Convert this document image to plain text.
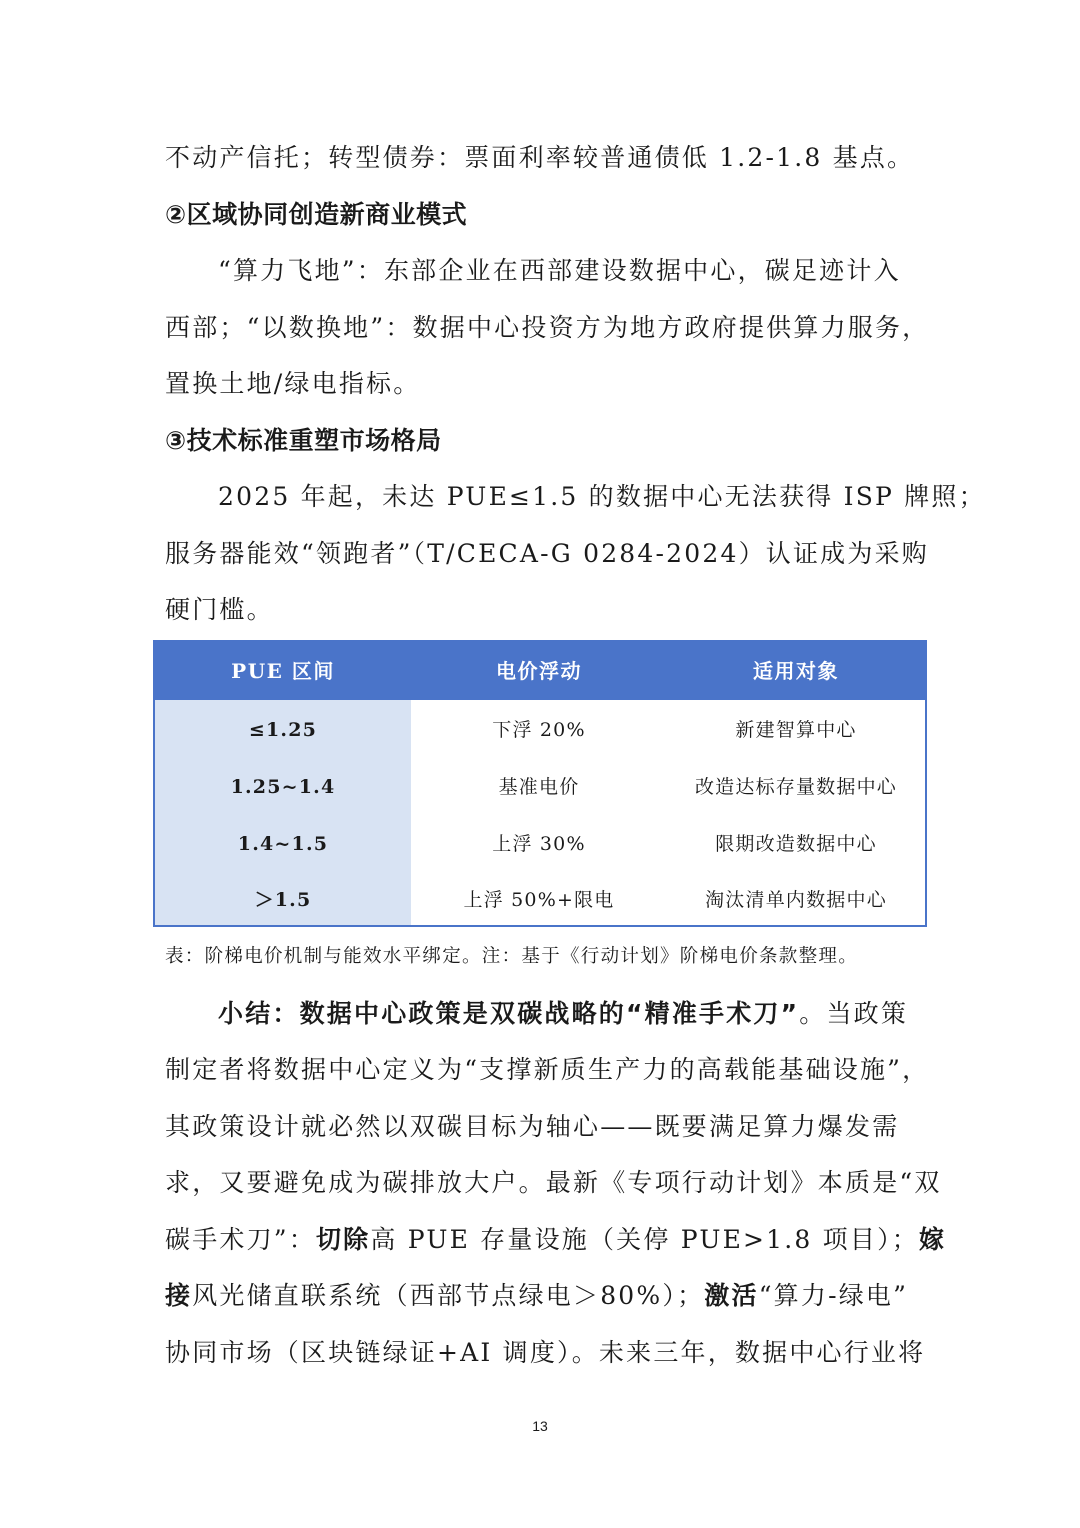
不动产信托；转型债券：票面利率较普通债低 1.2-1.8 基点。
②区域协同创造新商业模式
“算力飞地”：东部企业在西部建设数据中心，碳足迹计入
西部；“以数换地”：数据中心投资方为地方政府提供算力服务，
置换土地/绿电指标。
③技术标准重塑市场格局
2025 年起，未达 PUE≤1.5 的数据中心无法获得 ISP 牌照；
服务器能效“领跑者”（T/CECA-G 0284-2024）认证成为采购
硬门槛。
PUE 区间	电价浮动	适用对象
≤1.25	下浮 20%	新建智算中心
1.25~1.4	基准电价	改造达标存量数据中心
1.4~1.5	上浮 30%	限期改造数据中心
＞1.5	上浮 50%+限电	淘汰清单内数据中心
表：阶梯电价机制与能效水平绑定。注：基于《行动计划》阶梯电价条款整理。
小结：数据中心政策是双碳战略的“精准手术刀”。当政策
制定者将数据中心定义为“支撑新质生产力的高载能基础设施”，
其政策设计就必然以双碳目标为轴心——既要满足算力爆发需
求，又要避免成为碳排放大户。最新《专项行动计划》本质是“双
碳手术刀”：切除高 PUE 存量设施（关停 PUE>1.8 项目）；嫁
接风光储直联系统（西部节点绿电＞80%）；激活“算力-绿电”
协同市场（区块链绿证+AI 调度）。未来三年，数据中心行业将
13
